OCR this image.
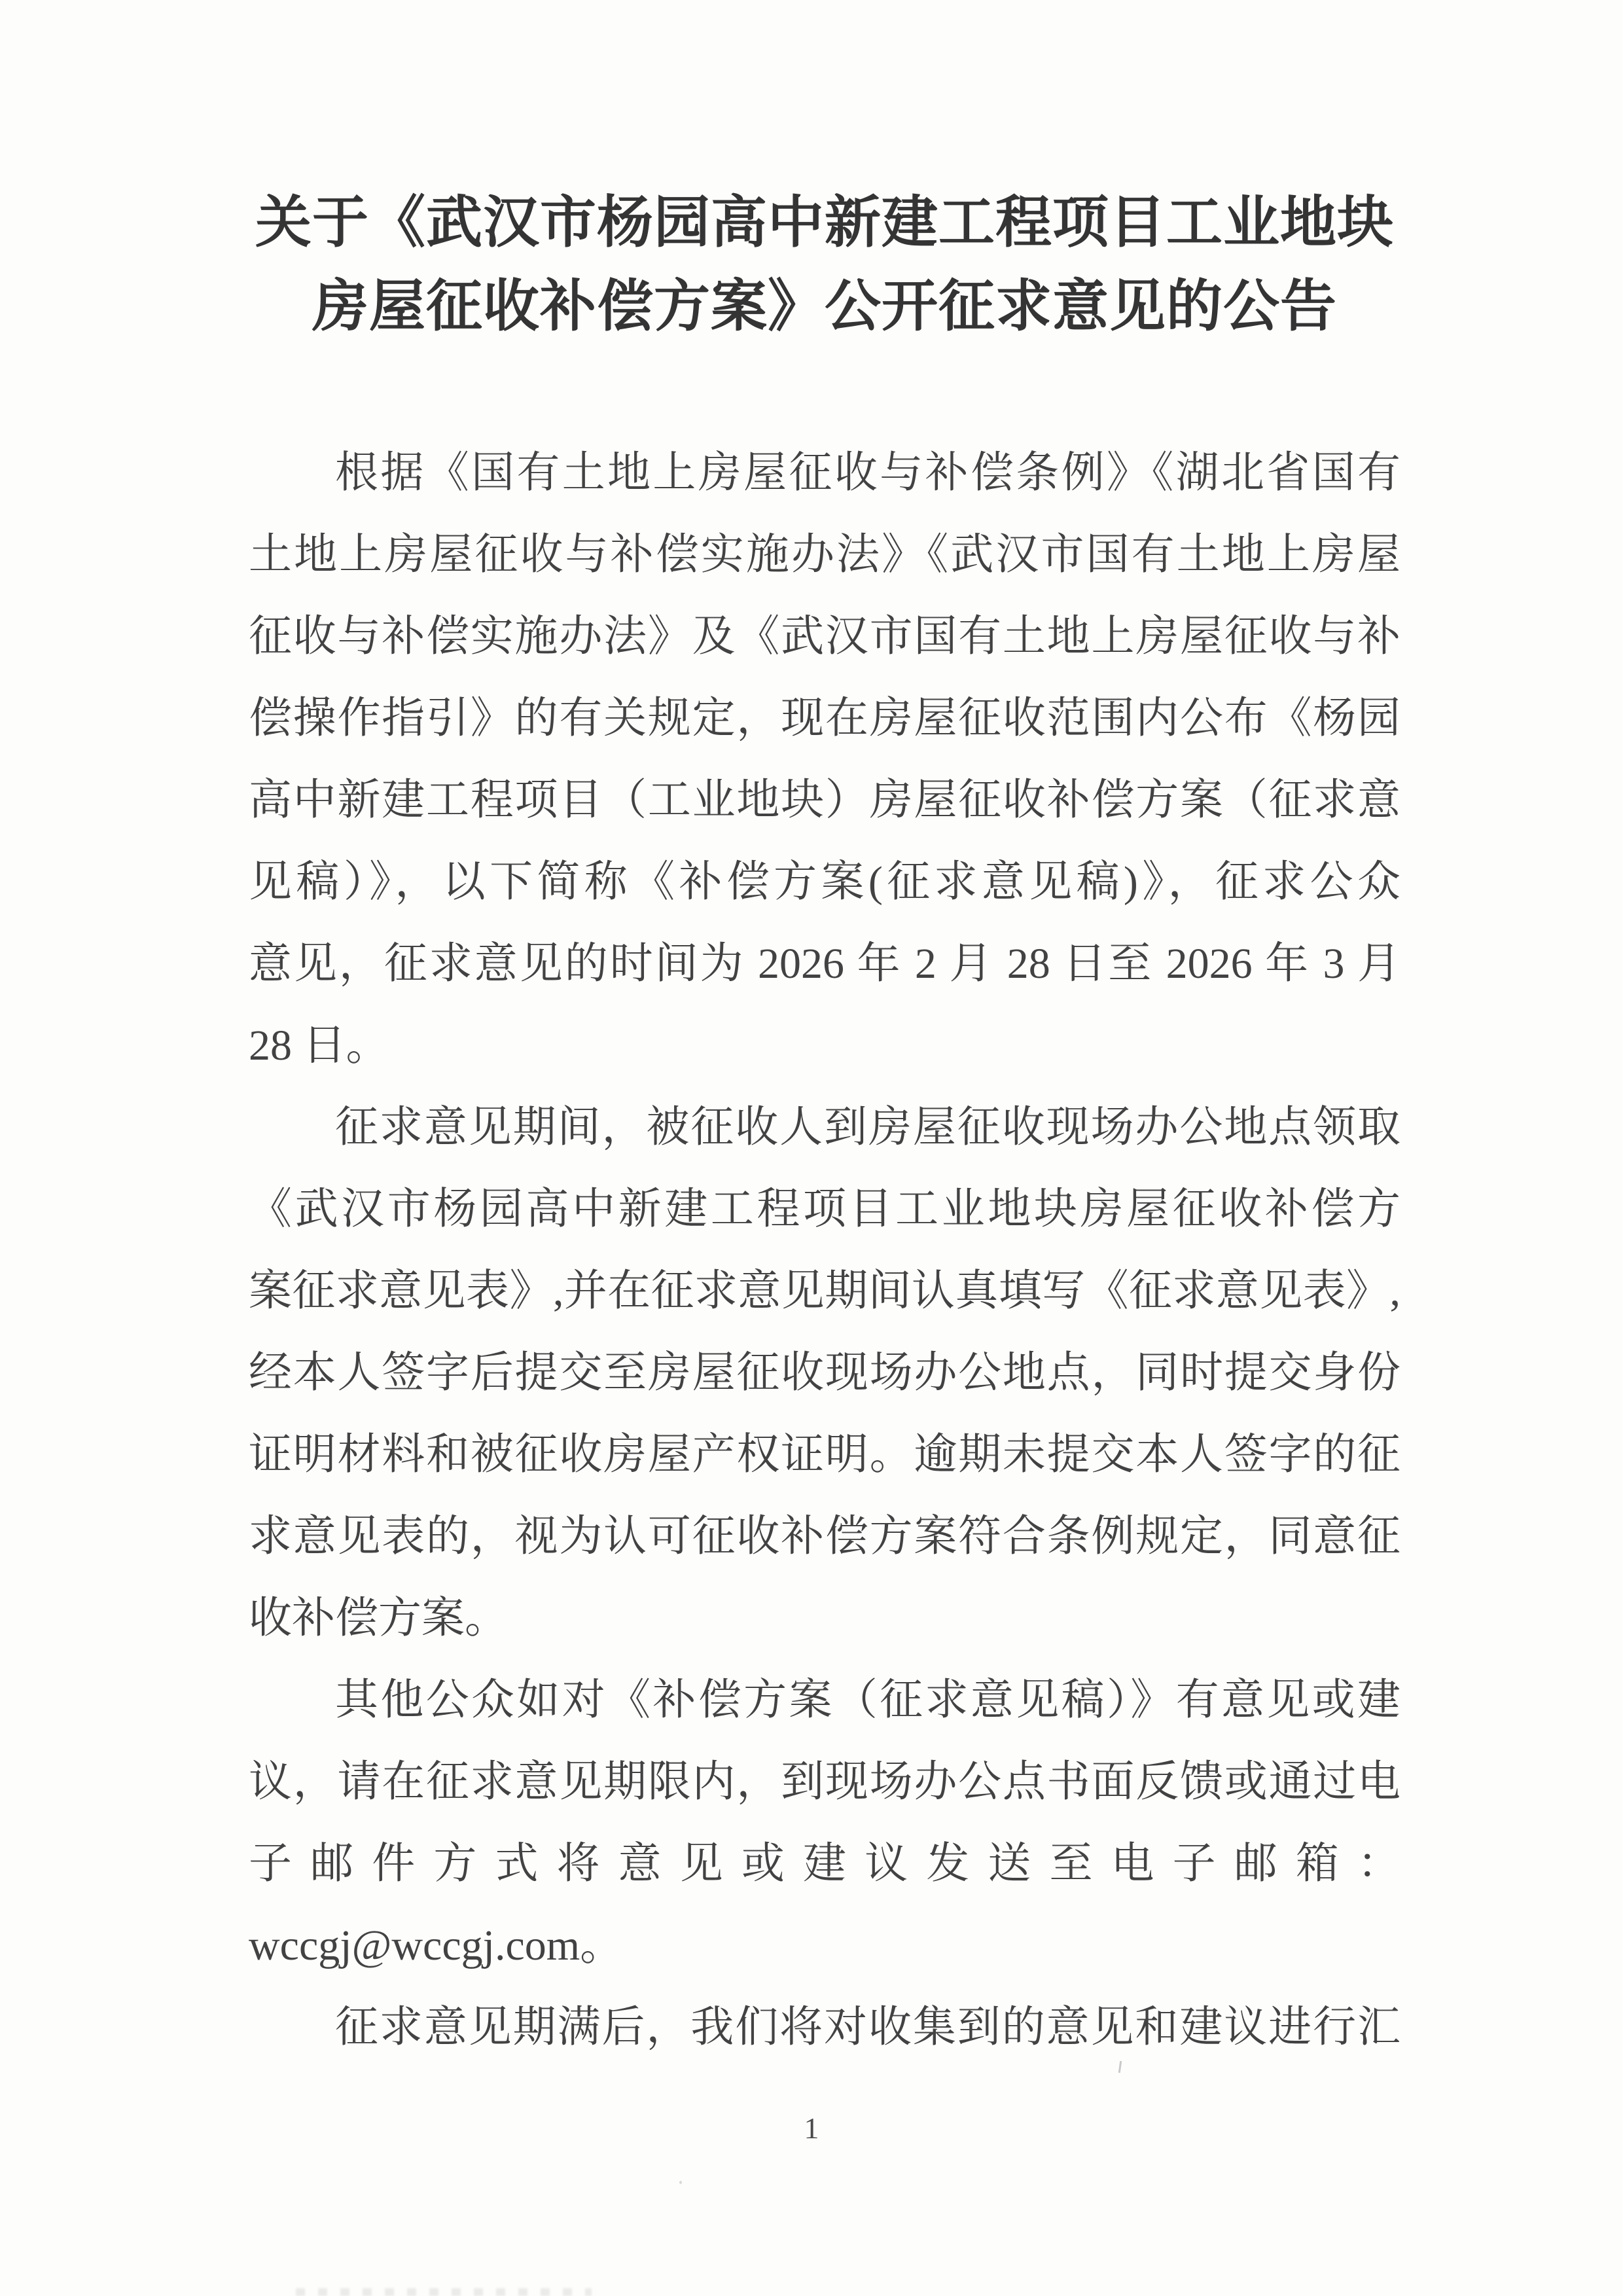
关于《武汉市杨园高中新建工程项目工业地块
房屋征收补偿方案》公开征求意见的公告
根据《国有土地上房屋征收与补偿条例》《湖北省国有
土地上房屋征收与补偿实施办法》《武汉市国有土地上房屋
征收与补偿实施办法》及《武汉市国有土地上房屋征收与补
偿操作指引》的有关规定，现在房屋征收范围内公布《杨园
高中新建工程项目（工业地块）房屋征收补偿方案（征求意
见稿）》，以下简称《补偿方案(征求意见稿)》，征求公众
意见，征求意见的时间为 2026 年 2 月 28 日至 2026 年 3 月
28 日。
征求意见期间，被征收人到房屋征收现场办公地点领取
《武汉市杨园高中新建工程项目工业地块房屋征收补偿方
案征求意见表》,并在征求意见期间认真填写《征求意见表》,
经本人签字后提交至房屋征收现场办公地点，同时提交身份
证明材料和被征收房屋产权证明。逾期未提交本人签字的征
求意见表的，视为认可征收补偿方案符合条例规定，同意征
收补偿方案。
其他公众如对《补偿方案（征求意见稿）》有意见或建
议，请在征求意见期限内，到现场办公点书面反馈或通过电
子邮件方式将意见或建议发送至电子邮箱：
wccgj@wccgj.com。
征求意见期满后，我们将对收集到的意见和建议进行汇
1
